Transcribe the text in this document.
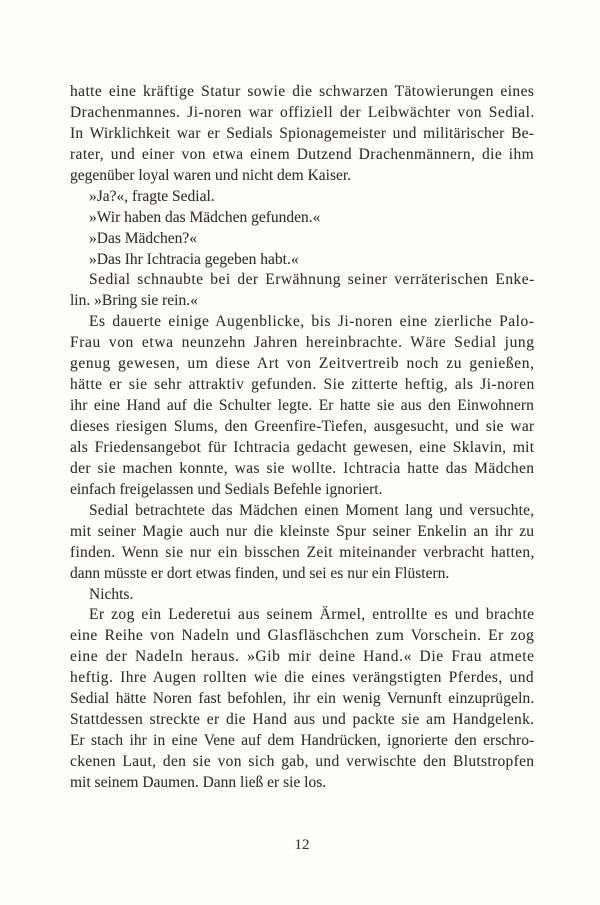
hatte eine kräftige Statur sowie die schwarzen Tätowierungen eines
Drachenmannes. Ji-noren war offiziell der Leibwächter von Sedial.
In Wirklichkeit war er Sedials Spionagemeister und militärischer Be-
rater, und einer von etwa einem Dutzend Drachenmännern, die ihm
gegenüber loyal waren und nicht dem Kaiser.
»Ja?«, fragte Sedial.
»Wir haben das Mädchen gefunden.«
»Das Mädchen?«
»Das Ihr Ichtracia gegeben habt.«
Sedial schnaubte bei der Erwähnung seiner verräterischen Enke-
lin. »Bring sie rein.«
Es dauerte einige Augenblicke, bis Ji-noren eine zierliche Palo-
Frau von etwa neunzehn Jahren hereinbrachte. Wäre Sedial jung
genug gewesen, um diese Art von Zeitvertreib noch zu genießen,
hätte er sie sehr attraktiv gefunden. Sie zitterte heftig, als Ji-noren
ihr eine Hand auf die Schulter legte. Er hatte sie aus den Einwohnern
dieses riesigen Slums, den Greenfire-Tiefen, ausgesucht, und sie war
als Friedensangebot für Ichtracia gedacht gewesen, eine Sklavin, mit
der sie machen konnte, was sie wollte. Ichtracia hatte das Mädchen
einfach freigelassen und Sedials Befehle ignoriert.
Sedial betrachtete das Mädchen einen Moment lang und versuchte,
mit seiner Magie auch nur die kleinste Spur seiner Enkelin an ihr zu
finden. Wenn sie nur ein bisschen Zeit miteinander verbracht hatten,
dann müsste er dort etwas finden, und sei es nur ein Flüstern.
Nichts.
Er zog ein Lederetui aus seinem Ärmel, entrollte es und brachte
eine Reihe von Nadeln und Glasfläschchen zum Vorschein. Er zog
eine der Nadeln heraus. »Gib mir deine Hand.« Die Frau atmete
heftig. Ihre Augen rollten wie die eines verängstigten Pferdes, und
Sedial hätte Noren fast befohlen, ihr ein wenig Vernunft einzuprügeln.
Stattdessen streckte er die Hand aus und packte sie am Handgelenk.
Er stach ihr in eine Vene auf dem Handrücken, ignorierte den erschro-
ckenen Laut, den sie von sich gab, und verwischte den Blutstropfen
mit seinem Daumen. Dann ließ er sie los.
12
